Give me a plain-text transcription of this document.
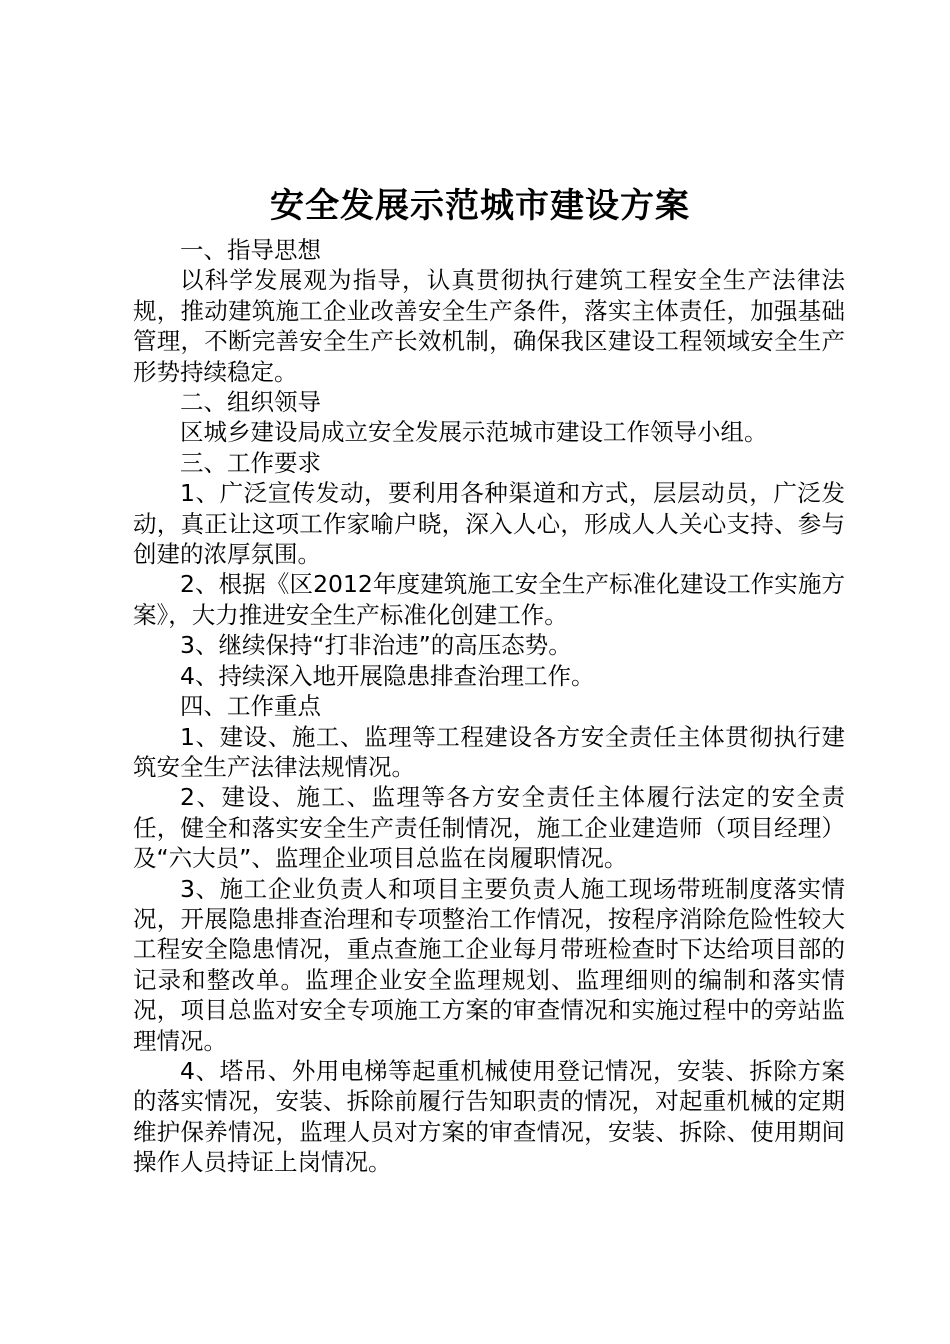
安全发展示范城市建设方案

一、指导思想

以科学发展观为指导，认真贯彻执行建筑工程安全生产法律法规，推动建筑施工企业改善安全生产条件，落实主体责任，加强基础管理，不断完善安全生产长效机制，确保我区建设工程领域安全生产形势持续稳定。

二、组织领导

区城乡建设局成立安全发展示范城市建设工作领导小组。

三、工作要求

1、广泛宣传发动，要利用各种渠道和方式，层层动员，广泛发动，真正让这项工作家喻户晓，深入人心，形成人人关心支持、参与创建的浓厚氛围。

2、根据《区2012年度建筑施工安全生产标准化建设工作实施方案》，大力推进安全生产标准化创建工作。

3、继续保持“打非治违”的高压态势。

4、持续深入地开展隐患排查治理工作。

四、工作重点

1、建设、施工、监理等工程建设各方安全责任主体贯彻执行建筑安全生产法律法规情况。

2、建设、施工、监理等各方安全责任主体履行法定的安全责任，健全和落实安全生产责任制情况，施工企业建造师（项目经理）及“六大员”、监理企业项目总监在岗履职情况。

3、施工企业负责人和项目主要负责人施工现场带班制度落实情况，开展隐患排查治理和专项整治工作情况，按程序消除危险性较大工程安全隐患情况，重点查施工企业每月带班检查时下达给项目部的记录和整改单。监理企业安全监理规划、监理细则的编制和落实情况，项目总监对安全专项施工方案的审查情况和实施过程中的旁站监理情况。

4、塔吊、外用电梯等起重机械使用登记情况，安装、拆除方案的落实情况，安装、拆除前履行告知职责的情况，对起重机械的定期维护保养情况，监理人员对方案的审查情况，安装、拆除、使用期间操作人员持证上岗情况。
